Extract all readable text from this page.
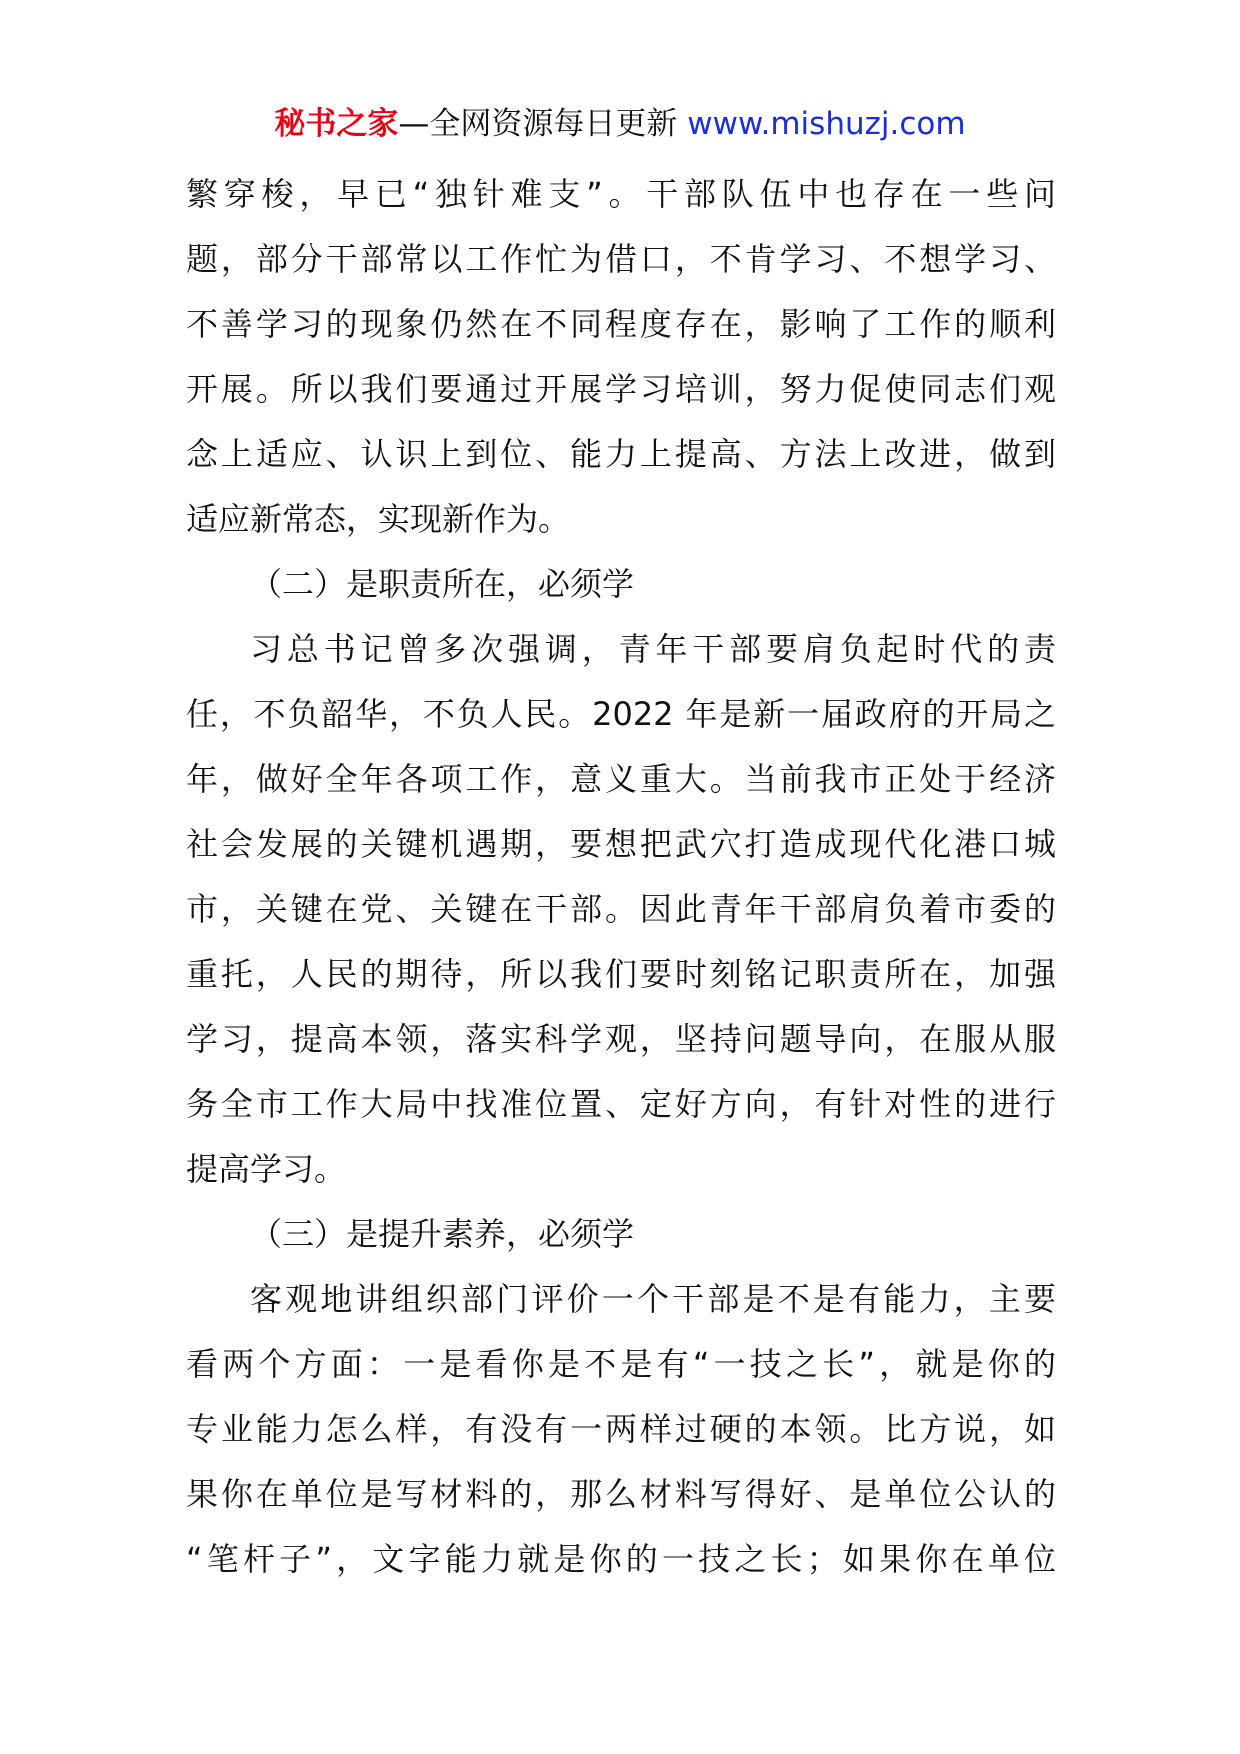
秘书之家—全网资源每日更新 www.mishuzj.com
繁穿梭，早已“独针难支”。干部队伍中也存在一些问
题，部分干部常以工作忙为借口，不肯学习、不想学习、
不善学习的现象仍然在不同程度存在，影响了工作的顺利
开展。所以我们要通过开展学习培训，努力促使同志们观
念上适应、认识上到位、能力上提高、方法上改进，做到
适应新常态，实现新作为。
（二）是职责所在，必须学
习总书记曾多次强调，青年干部要肩负起时代的责
任，不负韶华，不负人民。2022 年是新一届政府的开局之
年，做好全年各项工作，意义重大。当前我市正处于经济
社会发展的关键机遇期，要想把武穴打造成现代化港口城
市，关键在党、关键在干部。因此青年干部肩负着市委的
重托，人民的期待，所以我们要时刻铭记职责所在，加强
学习，提高本领，落实科学观，坚持问题导向，在服从服
务全市工作大局中找准位置、定好方向，有针对性的进行
提高学习。
（三）是提升素养，必须学
客观地讲组织部门评价一个干部是不是有能力，主要
看两个方面：一是看你是不是有“一技之长”，就是你的
专业能力怎么样，有没有一两样过硬的本领。比方说，如
果你在单位是写材料的，那么材料写得好、是单位公认的
“笔杆子”，文字能力就是你的一技之长；如果你在单位
